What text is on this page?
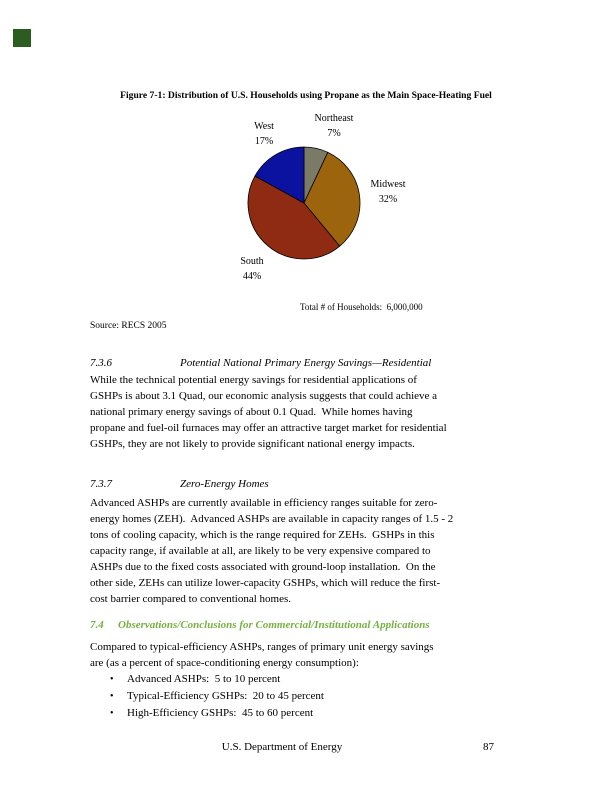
Figure 7-1: Distribution of U.S. Households using Propane as the Main Space-Heating Fuel
Northeast
7%
Midwest
32%
South
44%
West
17%
Total # of Households:  6,000,000
Source: RECS 2005
7.3.6	Potential National Primary Energy Savings—Residential
While the technical potential energy savings for residential applications of
GSHPs is about 3.1 Quad, our economic analysis suggests that could achieve a
national primary energy savings of about 0.1 Quad.  While homes having
propane and fuel-oil furnaces may offer an attractive target market for residential
GSHPs, they are not likely to provide significant national energy impacts.
7.3.7	Zero-Energy Homes
Advanced ASHPs are currently available in efficiency ranges suitable for zero-
energy homes (ZEH).  Advanced ASHPs are available in capacity ranges of 1.5 - 2
tons of cooling capacity, which is the range required for ZEHs.  GSHPs in this
capacity range, if available at all, are likely to be very expensive compared to
ASHPs due to the fixed costs associated with ground-loop installation.  On the
other side, ZEHs can utilize lower-capacity GSHPs, which will reduce the first-
cost barrier compared to conventional homes.
7.4 Observations/Conclusions for Commercial/Institutional Applications
Compared to typical-efficiency ASHPs, ranges of primary unit energy savings
are (as a percent of space-conditioning energy consumption):
• Advanced ASHPs:  5 to 10 percent
• Typical-Efficiency GSHPs:  20 to 45 percent
• High-Efficiency GSHPs:  45 to 60 percent
U.S. Department of Energy	87
